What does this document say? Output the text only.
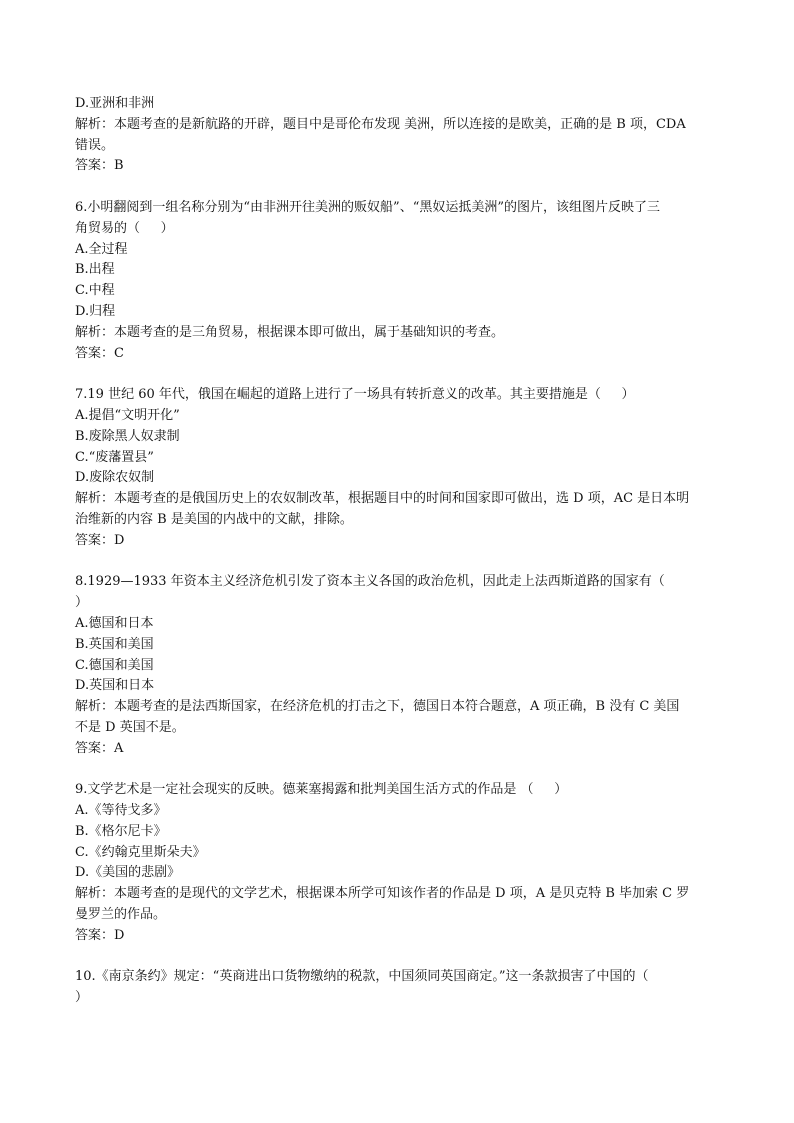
D.亚洲和非洲
解析：本题考查的是新航路的开辟，题目中是哥伦布发现 美洲，所以连接的是欧美，正确的是 B 项，CDA
错误。
答案：B
6.小明翻阅到一组名称分别为“由非洲开往美洲的贩奴船”、“黑奴运抵美洲”的图片，该组图片反映了三
角贸易的（     ）
A.全过程
B.出程
C.中程
D.归程
解析：本题考查的是三角贸易，根据课本即可做出，属于基础知识的考查。
答案：C
7.19 世纪 60 年代，俄国在崛起的道路上进行了一场具有转折意义的改革。其主要措施是（     ）
A.提倡“文明开化”
B.废除黑人奴隶制
C.“废藩置县”
D.废除农奴制
解析：本题考查的是俄国历史上的农奴制改革，根据题目中的时间和国家即可做出，选 D 项，AC 是日本明
治维新的内容 B 是美国的内战中的文献，排除。
答案：D
8.1929—1933 年资本主义经济危机引发了资本主义各国的政治危机，因此走上法西斯道路的国家有（
）
A.德国和日本
B.英国和美国
C.德国和美国
D.英国和日本
解析：本题考查的是法西斯国家，在经济危机的打击之下，德国日本符合题意，A 项正确，B 没有 C 美国
不是 D 英国不是。
答案：A
9.文学艺术是一定社会现实的反映。德莱塞揭露和批判美国生活方式的作品是 （     ）
A.《等待戈多》
B.《格尔尼卡》
C.《约翰克里斯朵夫》
D.《美国的悲剧》
解析：本题考查的是现代的文学艺术，根据课本所学可知该作者的作品是 D 项，A 是贝克特 B 毕加索 C 罗
曼罗兰的作品。
答案：D
10.《南京条约》规定：“英商进出口货物缴纳的税款，中国须同英国商定。”这一条款损害了中国的（
）
